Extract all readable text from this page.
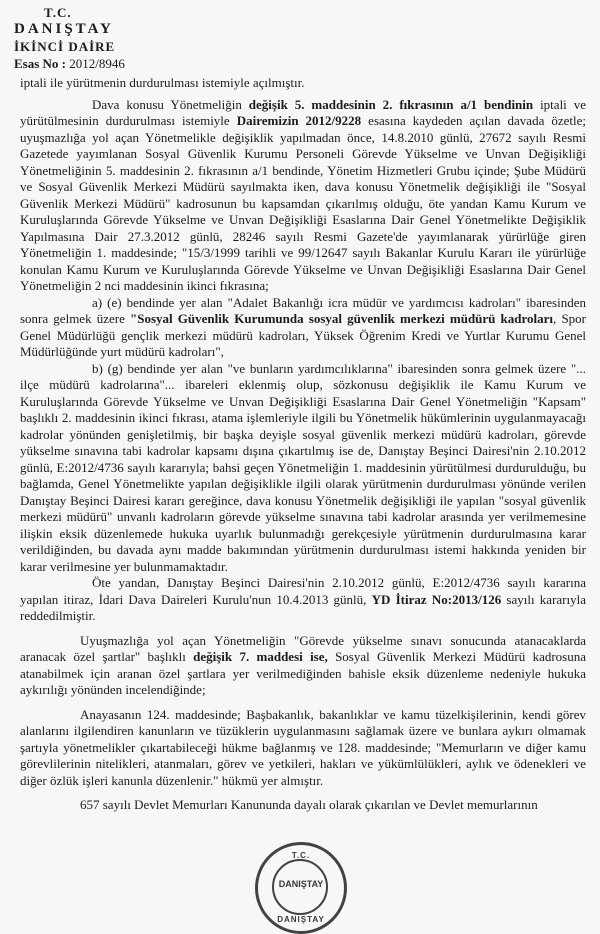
T.C.
DANIŞTAY
İKİNCİ DAİRE
Esas No : 2012/8946

iptali ile yürütmenin durdurulması istemiyle açılmıştır.

Dava konusu Yönetmeliğin değişik 5. maddesinin 2. fıkrasının a/1 bendinin iptali ve yürütülmesinin durdurulması istemiyle Dairemizin 2012/9228 esasına kaydeden açılan davada özetle; uyuşmazlığa yol açan Yönetmelikle değişiklik yapılmadan önce, 14.8.2010 günlü, 27672 sayılı Resmi Gazetede yayımlanan Sosyal Güvenlik Kurumu Personeli Görevde Yükselme ve Unvan Değişikliği Yönetmeliğinin 5. maddesinin 2. fıkrasının a/1 bendinde, Yönetim Hizmetleri Grubu içinde; Şube Müdürü ve Sosyal Güvenlik Merkezi Müdürü sayılmakta iken, dava konusu Yönetmelik değişikliği ile "Sosyal Güvenlik Merkezi Müdürü" kadrosunun bu kapsamdan çıkarılmış olduğu, öte yandan Kamu Kurum ve Kuruluşlarında Görevde Yükselme ve Unvan Değişikliği Esaslarına Dair Genel Yönetmelikte Değişiklik Yapılmasına Dair 27.3.2012 günlü, 28246 sayılı Resmi Gazete'de yayımlanarak yürürlüğe giren Yönetmeliğin 1. maddesinde; "15/3/1999 tarihli ve 99/12647 sayılı Bakanlar Kurulu Kararı ile yürürlüğe konulan Kamu Kurum ve Kuruluşlarında Görevde Yükselme ve Unvan Değişikliği Esaslarına Dair Genel Yönetmeliğin 2 nci maddesinin ikinci fıkrasına;

a) (e) bendinde yer alan "Adalet Bakanlığı icra müdür ve yardımcısı kadroları" ibaresinden sonra gelmek üzere "Sosyal Güvenlik Kurumunda sosyal güvenlik merkezi müdürü kadroları, Spor Genel Müdürlüğü gençlik merkezi müdürü kadroları, Yüksek Öğrenim Kredi ve Yurtlar Kurumu Genel Müdürlüğünde yurt müdürü kadroları",

b) (g) bendinde yer alan "ve bunların yardımcılıklarına" ibaresinden sonra gelmek üzere "... ilçe müdürü kadrolarına"... ibareleri eklenmiş olup, sözkonusu değişiklik ile Kamu Kurum ve Kuruluşlarında Görevde Yükselme ve Unvan Değişikliği Esaslarına Dair Genel Yönetmeliğin "Kapsam" başlıklı 2. maddesinin ikinci fıkrası, atama işlemleriyle ilgili bu Yönetmelik hükümlerinin uygulanmayacağı kadrolar yönünden genişletilmiş, bir başka deyişle sosyal güvenlik merkezi müdürü kadroları, görevde yükselme sınavına tabi kadrolar kapsamı dışına çıkartılmış ise de, Danıştay Beşinci Dairesi'nin 2.10.2012 günlü, E:2012/4736 sayılı kararıyla; bahsi geçen Yönetmeliğin 1. maddesinin yürütülmesi durdurulduğu, bu bağlamda, Genel Yönetmelikte yapılan değişiklikle ilgili olarak yürütmenin durdurulması yönünde verilen Danıştay Beşinci Dairesi kararı gereğince, dava konusu Yönetmelik değişikliği ile yapılan "sosyal güvenlik merkezi müdürü" unvanlı kadroların görevde yükselme sınavına tabi kadrolar arasında yer verilmemesine ilişkin eksik düzenlemede hukuka uyarlık bulunmadığı gerekçesiyle yürütmenin durdurulmasına karar verildiğinden, bu davada aynı madde bakımından yürütmenin durdurulması istemi hakkında yeniden bir karar verilmesine yer bulunmamaktadır.

Öte yandan, Danıştay Beşinci Dairesi'nin 2.10.2012 günlü, E:2012/4736 sayılı kararına yapılan itiraz, İdari Dava Daireleri Kurulu'nun 10.4.2013 günlü, YD İtiraz No:2013/126 sayılı kararıyla reddedilmiştir.

Uyuşmazlığa yol açan Yönetmeliğin "Görevde yükselme sınavı sonucunda atanacaklarda aranacak özel şartlar" başlıklı değişik 7. maddesi ise, Sosyal Güvenlik Merkezi Müdürü kadrosuna atanabilmek için aranan özel şartlara yer verilmediğinden bahisle eksik düzenleme nedeniyle hukuka aykırılığı yönünden incelendiğinde;

Anayasanın 124. maddesinde; Başbakanlık, bakanlıklar ve kamu tüzelkişilerinin, kendi görev alanlarını ilgilendiren kanunların ve tüzüklerin uygulanmasını sağlamak üzere ve bunlara aykırı olmamak şartıyla yönetmelikler çıkartabileceği hükme bağlanmış ve 128. maddesinde; "Memurların ve diğer kamu görevlilerinin nitelikleri, atanmaları, görev ve yetkileri, hakları ve yükümlülükleri, aylık ve ödenekleri ve diğer özlük işleri kanunla düzenlenir." hükmü yer almıştır.

657 sayılı Devlet Memurları Kanununda dayalı olarak çıkarılan ve Devlet memurlarının

T.C.
DANIŞTAY
DANIŞTAY
